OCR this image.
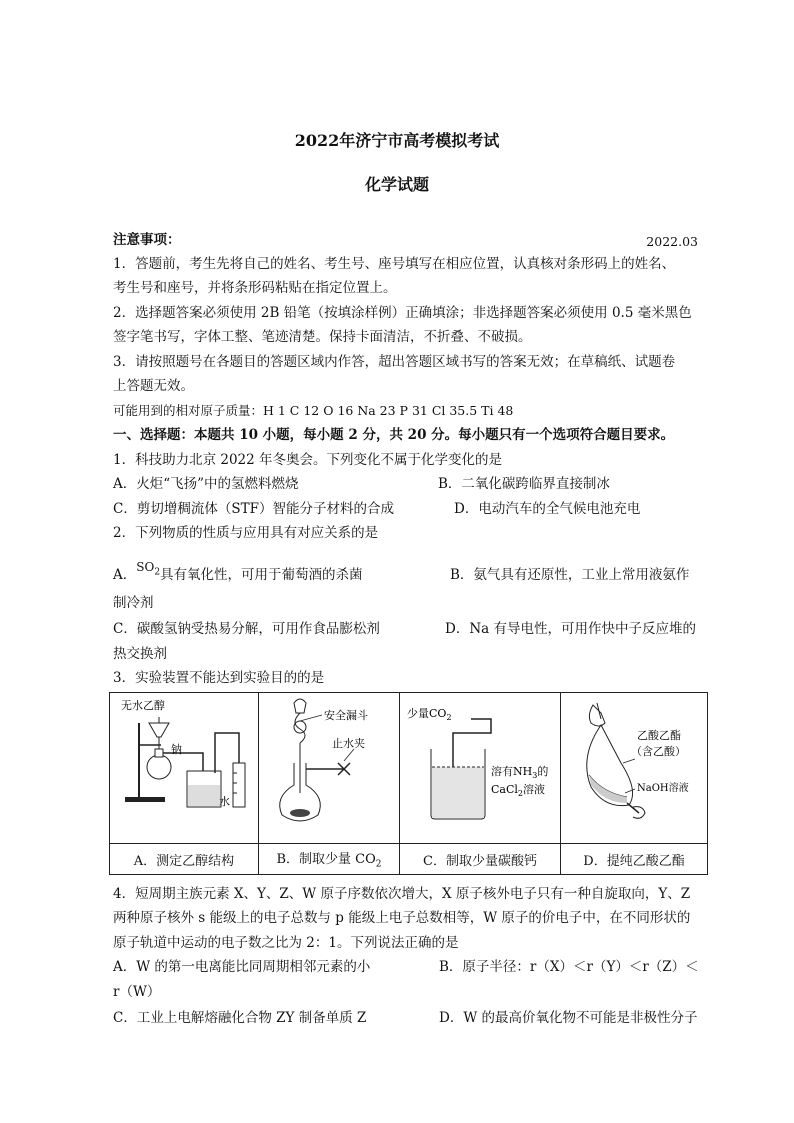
2022年济宁市高考模拟考试
化学试题
2022.03
注意事项：
1．答题前，考生先将自己的姓名、考生号、座号填写在相应位置，认真核对条形码上的姓名、
考生号和座号，并将条形码粘贴在指定位置上。
2．选择题答案必须使用 2B 铅笔（按填涂样例）正确填涂；非选择题答案必须使用 0.5 毫米黑色
签字笔书写，字体工整、笔迹清楚。保持卡面清洁，不折叠、不破损。
3．请按照题号在各题目的答题区域内作答，超出答题区域书写的答案无效；在草稿纸、试题卷
上答题无效。
可能用到的相对原子质量：H 1 C 12 O 16 Na 23 P 31 Cl 35.5 Ti 48
一、选择题：本题共 10 小题，每小题 2 分，共 20 分。每小题只有一个选项符合题目要求。
1．科技助力北京 2022 年冬奥会。下列变化不属于化学变化的是
A．火炬“飞扬”中的氢燃料燃烧	B．二氧化碳跨临界直接制冰
C．剪切增稠流体（STF）智能分子材料的合成	D．电动汽车的全气候电池充电
2．下列物质的性质与应用具有对应关系的是
A．$SO_2$具有氧化性，可用于葡萄酒的杀菌	B．氨气具有还原性，工业上常用液氨作
制冷剂
C．碳酸氢钠受热易分解，可用作食品膨松剂	D．Na 有导电性，可用作快中子反应堆的
热交换剂
3．实验装置不能达到实验目的的是
无水乙醇
钠
水	安全漏斗
止水夹	少量$CO_2$
溶有$NH_3$的
CaCl$_2$溶液	乙酸乙酯
（含乙酸）
NaOH溶液

A．测定乙醇结构	B．制取少量 $CO_2$	C．制取少量碳酸钙	D．提纯乙酸乙酯
4．短周期主族元素 X、Y、Z、W 原子序数依次增大，X 原子核外电子只有一种自旋取向，Y、Z
两种原子核外 s 能级上的电子总数与 p 能级上电子总数相等，W 原子的价电子中，在不同形状的
原子轨道中运动的电子数之比为 2：1。下列说法正确的是
A．W 的第一电离能比同周期相邻元素的小	B．原子半径：r（X）＜r（Y）＜r（Z）＜
r（W）
C．工业上电解熔融化合物 ZY 制备单质 Z	D．W 的最高价氧化物不可能是非极性分子
